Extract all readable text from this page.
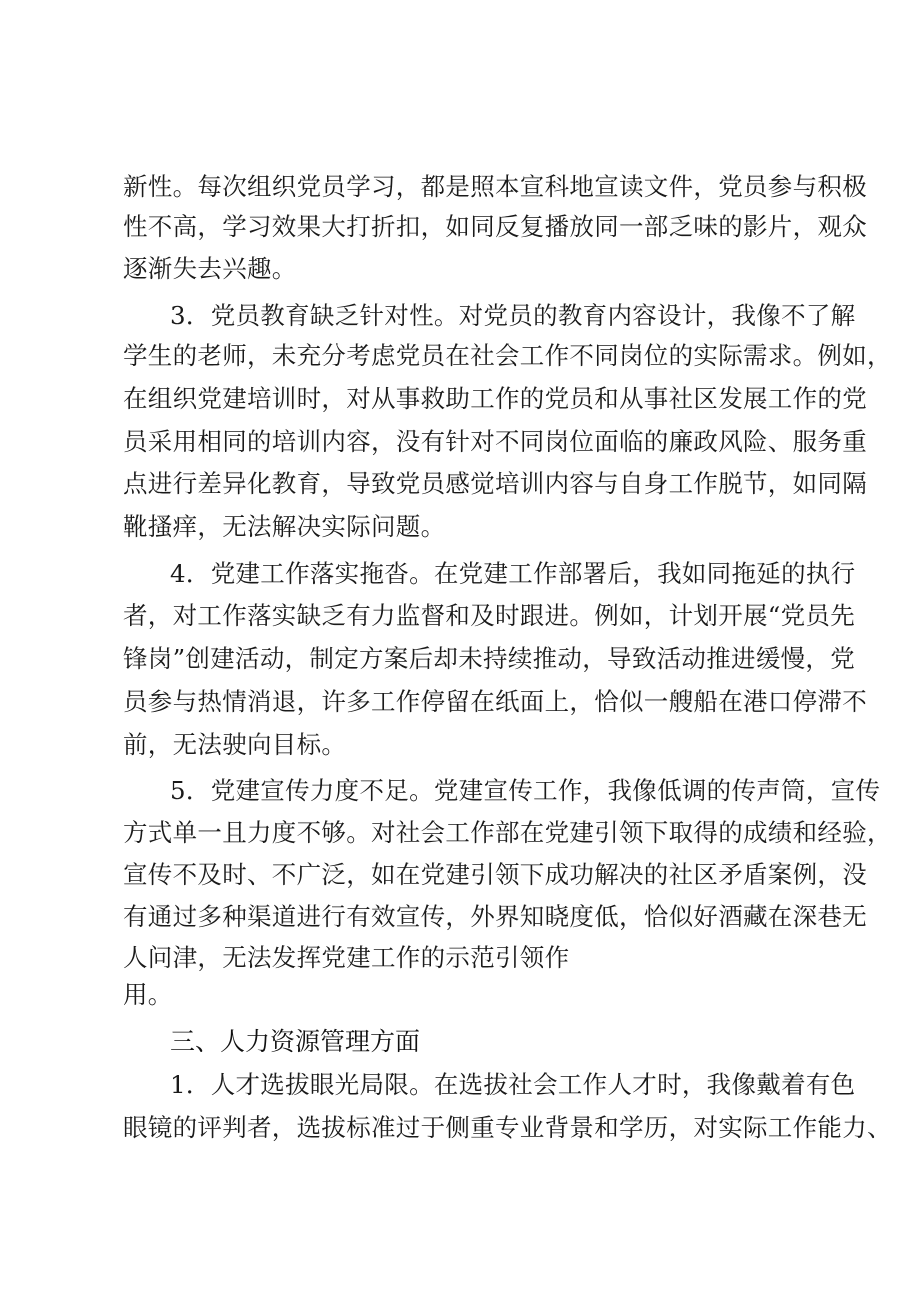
新性。每次组织党员学习，都是照本宣科地宣读文件，党员参与积极
性不高，学习效果大打折扣，如同反复播放同一部乏味的影片，观众
逐渐失去兴趣。
3．党员教育缺乏针对性。对党员的教育内容设计，我像不了解
学生的老师，未充分考虑党员在社会工作不同岗位的实际需求。例如，
在组织党建培训时，对从事救助工作的党员和从事社区发展工作的党
员采用相同的培训内容，没有针对不同岗位面临的廉政风险、服务重
点进行差异化教育，导致党员感觉培训内容与自身工作脱节，如同隔
靴搔痒，无法解决实际问题。
4．党建工作落实拖沓。在党建工作部署后，我如同拖延的执行
者，对工作落实缺乏有力监督和及时跟进。例如，计划开展“党员先
锋岗”创建活动，制定方案后却未持续推动，导致活动推进缓慢，党
员参与热情消退，许多工作停留在纸面上，恰似一艘船在港口停滞不
前，无法驶向目标。
5．党建宣传力度不足。党建宣传工作，我像低调的传声筒，宣传
方式单一且力度不够。对社会工作部在党建引领下取得的成绩和经验，
宣传不及时、不广泛，如在党建引领下成功解决的社区矛盾案例，没
有通过多种渠道进行有效宣传，外界知晓度低，恰似好酒藏在深巷无
人问津，无法发挥党建工作的示范引领作
用。
三、人力资源管理方面
1．人才选拔眼光局限。在选拔社会工作人才时，我像戴着有色
眼镜的评判者，选拔标准过于侧重专业背景和学历，对实际工作能力、
